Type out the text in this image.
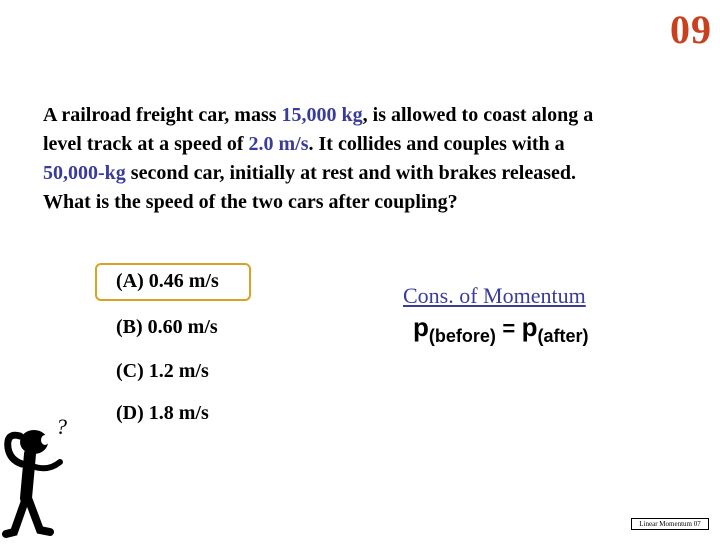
09
A railroad freight car, mass 15,000 kg, is allowed to coast along a level track at a speed of 2.0 m/s. It collides and couples with a 50,000-kg second car, initially at rest and with brakes released. What is the speed of the two cars after coupling?
(A) 0.46 m/s
(B) 0.60 m/s
(C) 1.2 m/s
(D) 1.8 m/s
Cons. of Momentum
p(before) = p(after)
?
Linear Momentum 07
